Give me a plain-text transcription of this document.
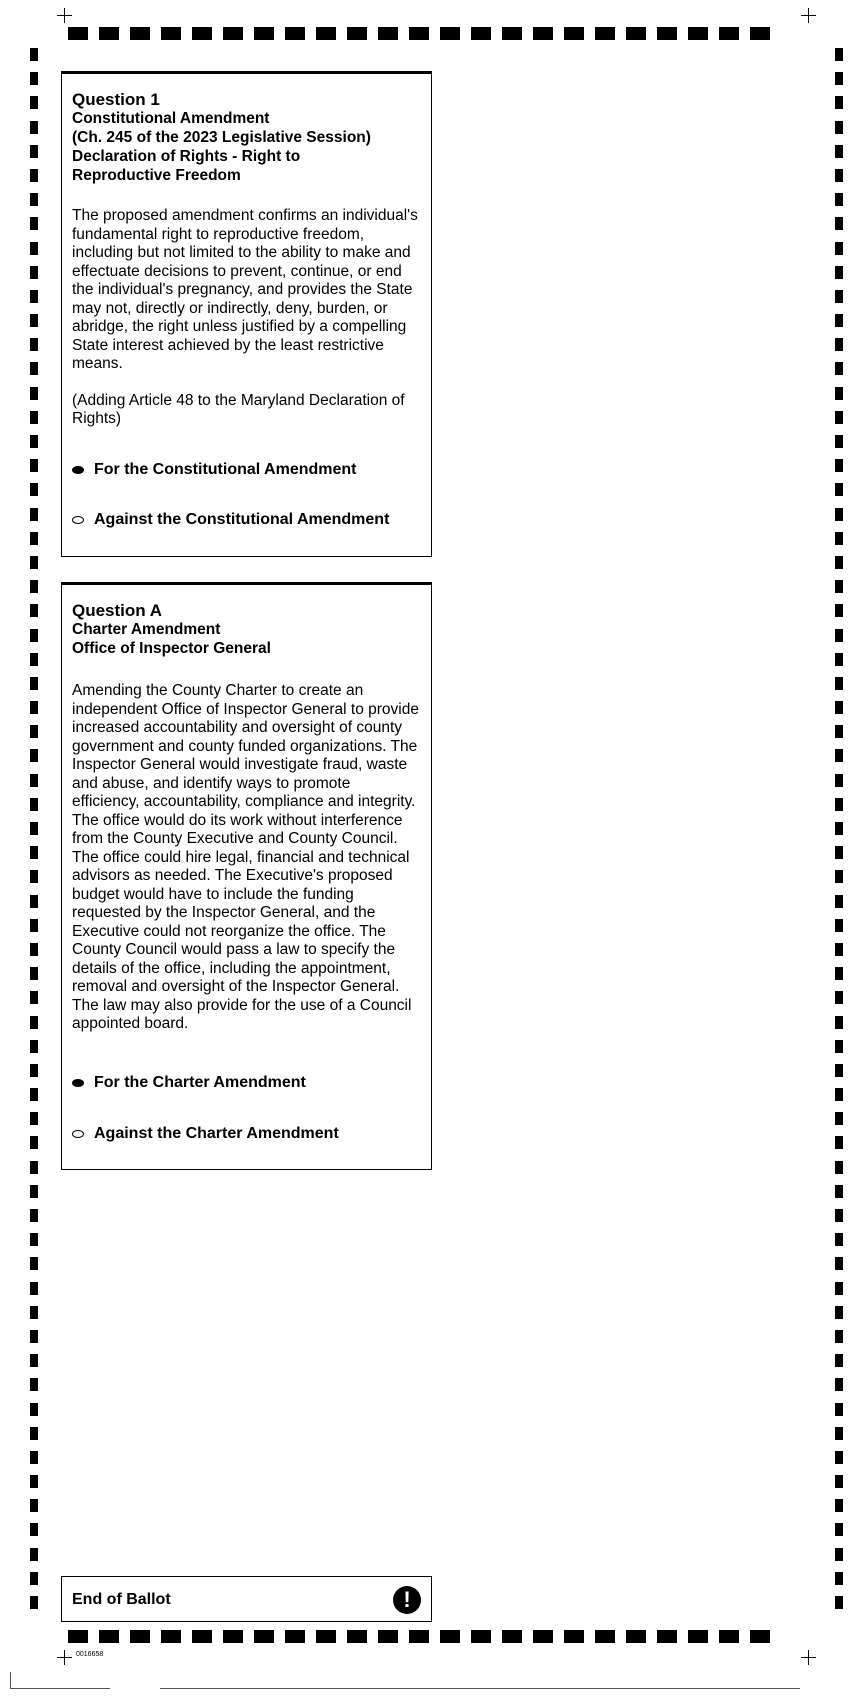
Question 1
Constitutional Amendment
(Ch. 245 of the 2023 Legislative Session)
Declaration of Rights - Right to
Reproductive Freedom
The proposed amendment confirms an individual's fundamental right to reproductive freedom, including but not limited to the ability to make and effectuate decisions to prevent, continue, or end the individual's pregnancy, and provides the State may not, directly or indirectly, deny, burden, or abridge, the right unless justified by a compelling State interest achieved by the least restrictive means.
(Adding Article 48 to the Maryland Declaration of Rights)
For the Constitutional Amendment
Against the Constitutional Amendment
Question A
Charter Amendment
Office of Inspector General
Amending the County Charter to create an independent Office of Inspector General to provide increased accountability and oversight of county government and county funded organizations. The Inspector General would investigate fraud, waste and abuse, and identify ways to promote efficiency, accountability, compliance and integrity. The office would do its work without interference from the County Executive and County Council. The office could hire legal, financial and technical advisors as needed. The Executive's proposed budget would have to include the funding requested by the Inspector General, and the Executive could not reorganize the office. The County Council would pass a law to specify the details of the office, including the appointment, removal and oversight of the Inspector General. The law may also provide for the use of a Council appointed board.
For the Charter Amendment
Against the Charter Amendment
End of Ballot	!
0016658
